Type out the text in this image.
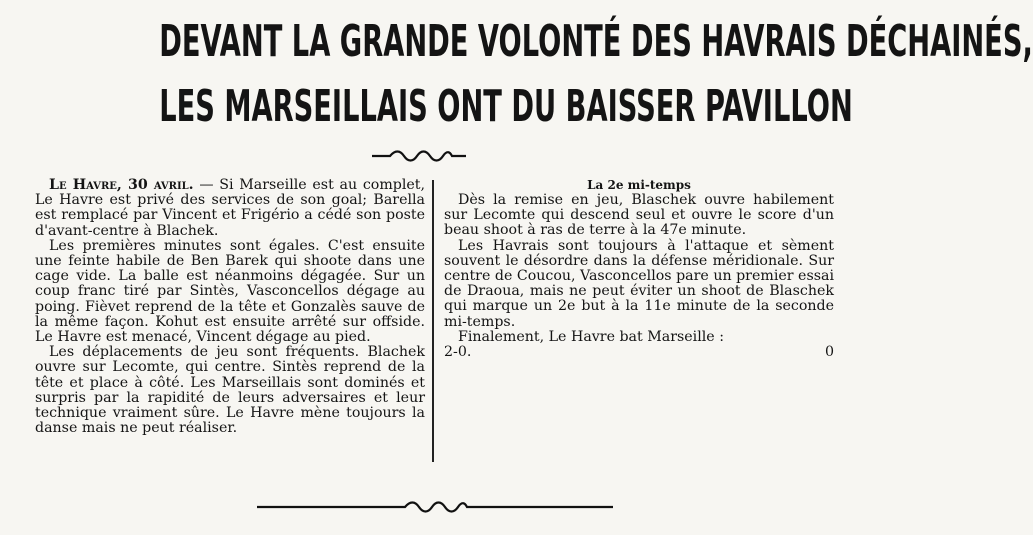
DEVANT LA GRANDE VOLONTÉ DES HAVRAIS DÉCHAINÉS,
LES MARSEILLAIS ONT DU BAISSER PAVILLON

Le Havre, 30 avril. — Si Marseille est au complet, Le Havre est privé des services de son goal; Barella est remplacé par Vincent et Frigério a cédé son poste d'avant-centre à Blachek.

Les premières minutes sont égales. C'est ensuite une feinte habile de Ben Barek qui shoote dans une cage vide. La balle est néanmoins dégagée. Sur un coup franc tiré par Sintès, Vasconcellos dégage au poing. Fièvet reprend de la tête et Gonzalès sauve de la même façon. Kohut est ensuite arrêté sur offside. Le Havre est menacé, Vincent dégage au pied.

Les déplacements de jeu sont fréquents. Blachek ouvre sur Lecomte, qui centre. Sintès reprend de la tête et place à côté. Les Marseillais sont dominés et surpris par la rapidité de leurs adversaires et leur technique vraiment sûre. Le Havre mène toujours la danse mais ne peut réaliser.

La 2e mi-temps

Dès la remise en jeu, Blaschek ouvre habilement sur Lecomte qui descend seul et ouvre le score d'un beau shoot à ras de terre à la 47e minute.

Les Havrais sont toujours à l'attaque et sèment souvent le désordre dans la défense méridionale. Sur centre de Coucou, Vasconcellos pare un premier essai de Draoua, mais ne peut éviter un shoot de Blaschek qui marque un 2e but à la 11e minute de la seconde mi-temps.

Finalement, Le Havre bat Marseille :

2-0.	0
